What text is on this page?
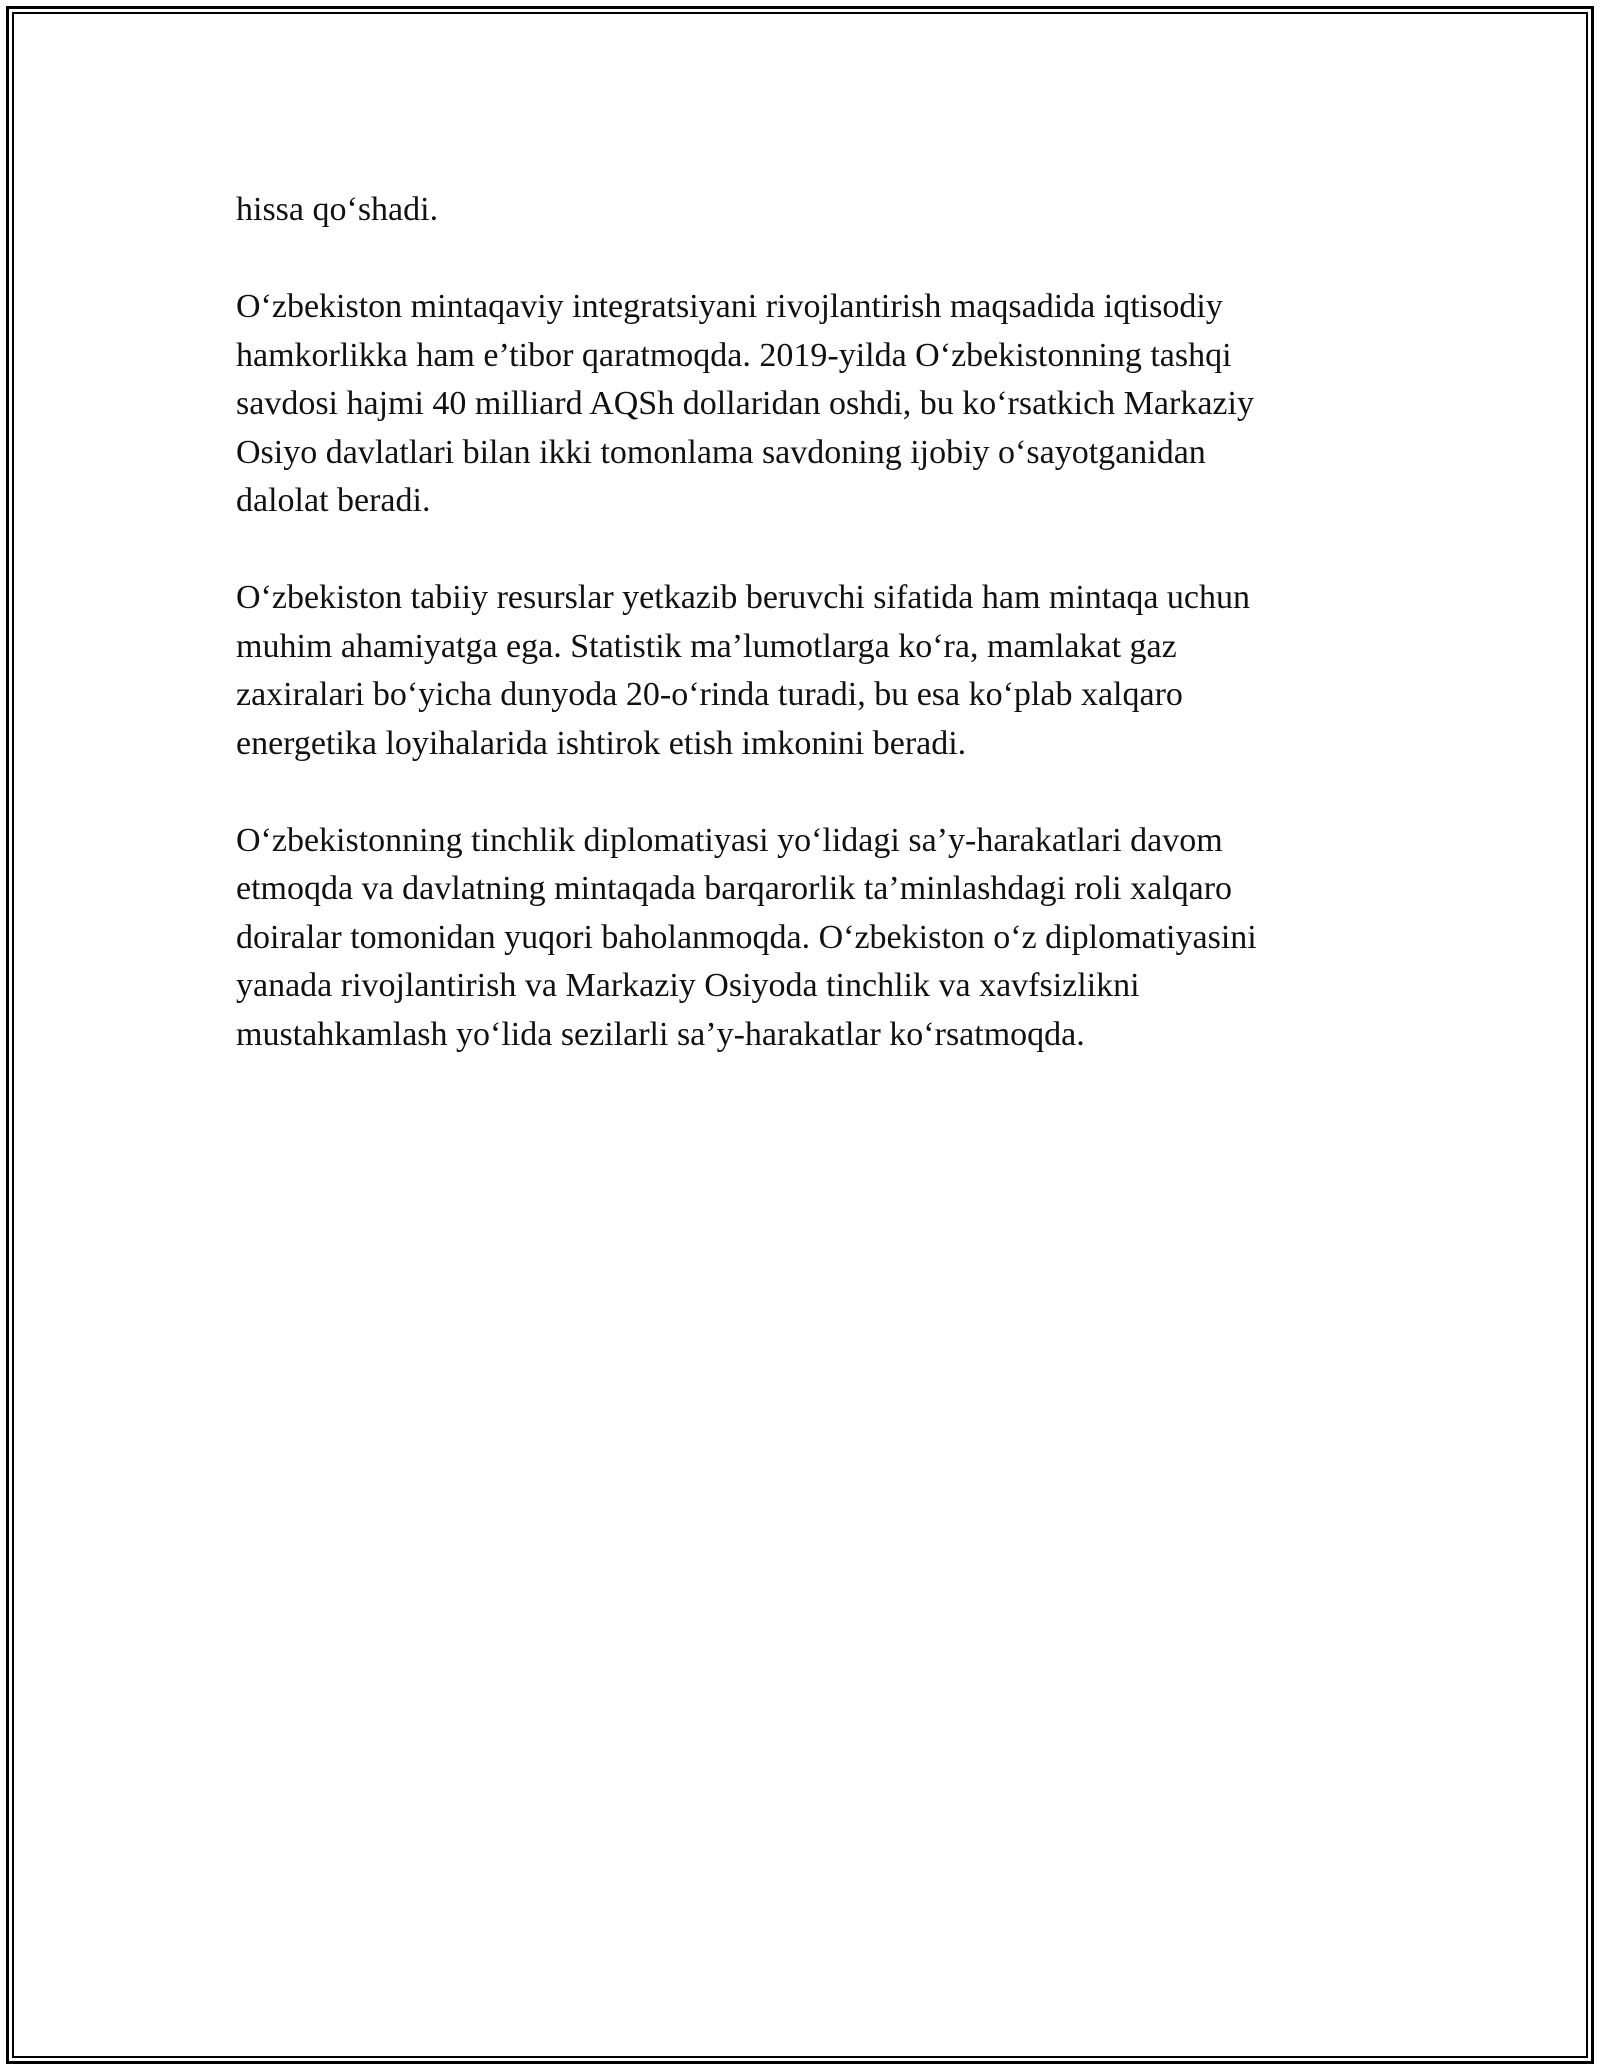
hissa qo‘shadi.

O‘zbekiston mintaqaviy integratsiyani rivojlantirish maqsadida iqtisodiy
hamkorlikka ham e’tibor qaratmoqda. 2019-yilda O‘zbekistonning tashqi
savdosi hajmi 40 milliard AQSh dollaridan oshdi, bu ko‘rsatkich Markaziy
Osiyo davlatlari bilan ikki tomonlama savdoning ijobiy o‘sayotganidan
dalolat beradi.

O‘zbekiston tabiiy resurslar yetkazib beruvchi sifatida ham mintaqa uchun
muhim ahamiyatga ega. Statistik ma’lumotlarga ko‘ra, mamlakat gaz
zaxiralari bo‘yicha dunyoda 20-o‘rinda turadi, bu esa ko‘plab xalqaro
energetika loyihalarida ishtirok etish imkonini beradi.

O‘zbekistonning tinchlik diplomatiyasi yo‘lidagi sa’y-harakatlari davom
etmoqda va davlatning mintaqada barqarorlik ta’minlashdagi roli xalqaro
doiralar tomonidan yuqori baholanmoqda. O‘zbekiston o‘z diplomatiyasini
yanada rivojlantirish va Markaziy Osiyoda tinchlik va xavfsizlikni
mustahkamlash yo‘lida sezilarli sa’y-harakatlar ko‘rsatmoqda.
